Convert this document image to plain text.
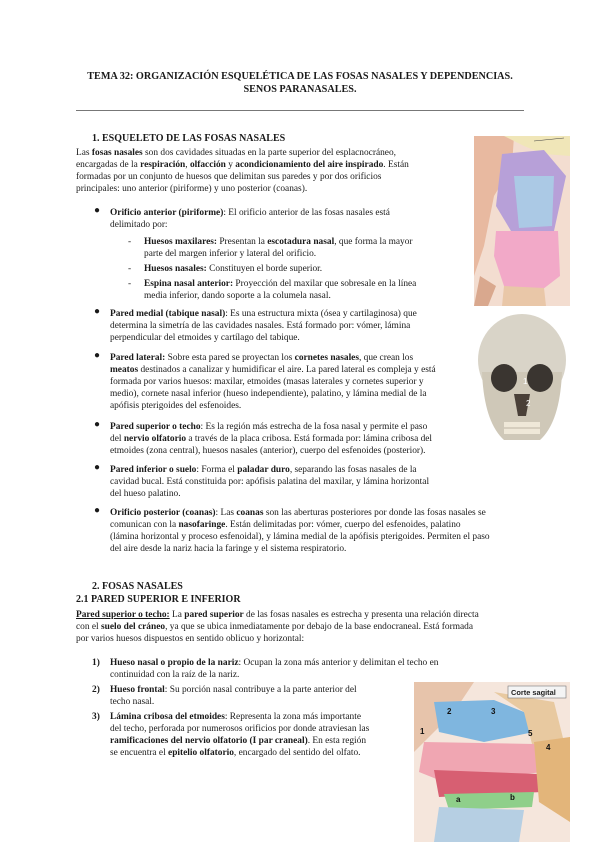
TEMA 32: ORGANIZACIÓN ESQUELÉTICA DE LAS FOSAS NASALES Y DEPENDENCIAS.
SENOS PARANASALES.
1. ESQUELETO DE LAS FOSAS NASALES
Las fosas nasales son dos cavidades situadas en la parte superior del esplacnocráneo,
encargadas de la respiración, olfacción y acondicionamiento del aire inspirado. Están
formadas por un conjunto de huesos que delimitan sus paredes y por dos orificios
principales: uno anterior (piriforme) y uno posterior (coanas).
● Orificio anterior (piriforme): El orificio anterior de las fosas nasales está
delimitado por:
- Huesos maxilares: Presentan la escotadura nasal, que forma la mayor
parte del margen inferior y lateral del orificio.
- Huesos nasales: Constituyen el borde superior.
- Espina nasal anterior: Proyección del maxilar que sobresale en la línea
media inferior, dando soporte a la columela nasal.
● Pared medial (tabique nasal): Es una estructura mixta (ósea y cartilaginosa) que
determina la simetría de las cavidades nasales. Está formado por: vómer, lámina
perpendicular del etmoides y cartílago del tabique.
● Pared lateral: Sobre esta pared se proyectan los cornetes nasales, que crean los
meatos destinados a canalizar y humidificar el aire. La pared lateral es compleja y está
formada por varios huesos: maxilar, etmoides (masas laterales y cornetes superior y
medio), cornete nasal inferior (hueso independiente), palatino, y lámina medial de la
apófisis pterigoides del esfenoides.
● Pared superior o techo: Es la región más estrecha de la fosa nasal y permite el paso
del nervio olfatorio a través de la placa cribosa. Está formada por: lámina cribosa del
etmoides (zona central), huesos nasales (anterior), cuerpo del esfenoides (posterior).
● Pared inferior o suelo: Forma el paladar duro, separando las fosas nasales de la
cavidad bucal. Está constituida por: apófisis palatina del maxilar, y lámina horizontal
del hueso palatino.
● Orificio posterior (coanas): Las coanas son las aberturas posteriores por donde las fosas nasales se
comunican con la nasofaringe. Están delimitadas por: vómer, cuerpo del esfenoides, palatino
(lámina horizontal y proceso esfenoidal), y lámina medial de la apófisis pterigoides. Permiten el paso
del aire desde la nariz hacia la faringe y el sistema respiratorio.
2. FOSAS NASALES
2.1 PARED SUPERIOR E INFERIOR
Pared superior o techo: La pared superior de las fosas nasales es estrecha y presenta una relación directa
con el suelo del cráneo, ya que se ubica inmediatamente por debajo de la base endocraneal. Está formada
por varios huesos dispuestos en sentido oblicuo y horizontal:
1) Hueso nasal o propio de la nariz: Ocupan la zona más anterior y delimitan el techo en
continuidad con la raíz de la nariz.
2) Hueso frontal: Su porción nasal contribuye a la parte anterior del
techo nasal.
3) Lámina cribosa del etmoides: Representa la zona más importante
del techo, perforada por numerosos orificios por donde atraviesan las
ramificaciones del nervio olfatorio (I par craneal). En esta región
se encuentra el epitelio olfatorio, encargado del sentido del olfato.
1
2
Corte sagital
1
2	3
4
5
a	b
